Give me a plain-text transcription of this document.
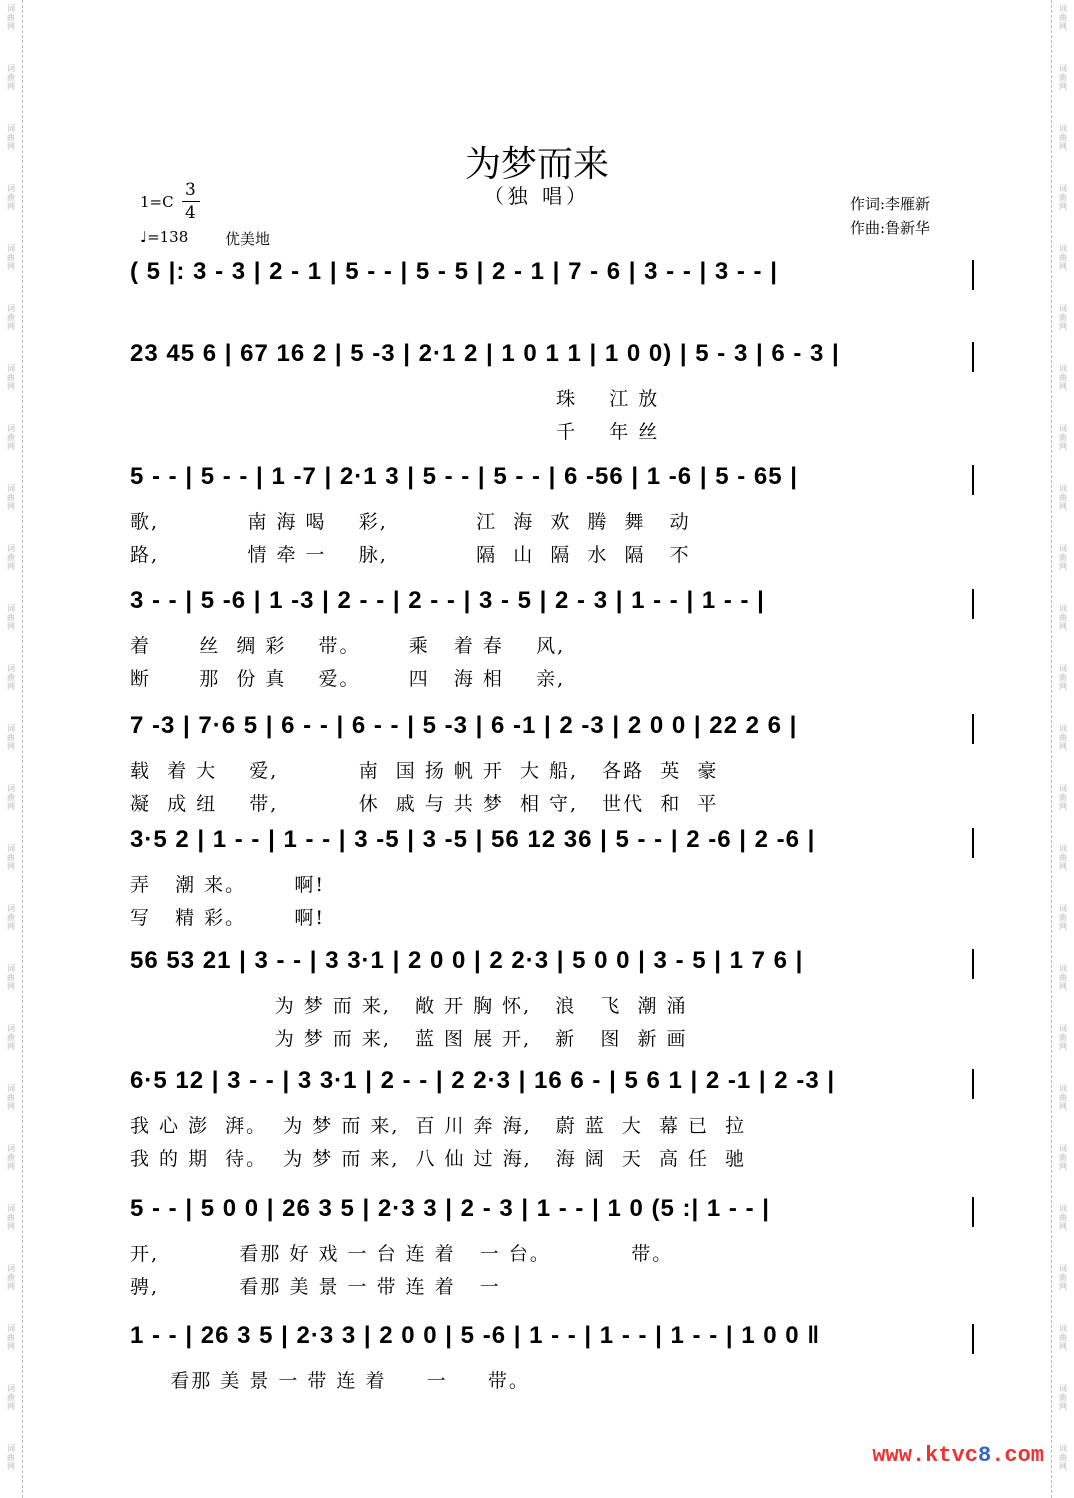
词
曲
网
词
曲
网
词
曲
网
词
曲
网
词
曲
网
词
曲
网
词
曲
网
词
曲
网
词
曲
网
词
曲
网
词
曲
网
词
曲
网
词
曲
网
词
曲
网
词
曲
网
词
曲
网
词
曲
网
词
曲
网
词
曲
网
词
曲
网
词
曲
网
词
曲
网
词
曲
网
词
曲
网
词
曲
网
词
曲
网
词
曲
网
词
曲
网
词
曲
网
词
曲
网
词
曲
网
词
曲
网
词
曲
网
词
曲
网
词
曲
网
词
曲
网
词
曲
网
词
曲
网
词
曲
网
词
曲
网
词
曲
网
词
曲
网
词
曲
网
词
曲
网
词
曲
网
词
曲
网
词
曲
网
词
曲
网
词
曲
网
词
曲
网
为梦而来
（独 唱）
1=C
3
4
♩=138 优美地
作词:李雁新
作曲:鲁新华
( 5 |: 3 - 3 | 2 - 1 | 5 - - | 5 - 5 | 2 - 1 | 7 - 6 | 3 - - | 3 - - |
23 45 6 | 67 16 2 | 5 -3 | 2·1 2 | 1 0 1 1 | 1 0 0) | 5 - 3 | 6 - 3 |
珠    江 放
千    年 丝
5 - - | 5 - - | 1 -7 | 2·1 3 | 5 - - | 5 - - | 6 -56 | 1 -6 | 5 - 65 |
歌,           南 海 喝    彩,           江  海  欢  腾  舞   动
路,           情 牵 一    脉,           隔  山  隔  水  隔   不
3 - - | 5 -6 | 1 -3 | 2 - - | 2 - - | 3 - 5 | 2 - 3 | 1 - - | 1 - - |
着      丝  绸 彩    带。      乘   着 春    风,
断      那  份 真    爱。      四   海 相    亲,
7 -3 | 7·6 5 | 6 - - | 6 - - | 5 -3 | 6 -1 | 2 -3 | 2 0 0 | 22 2 6 |
载  着 大    爱,          南  国 扬 帆 开  大 船,   各路  英  豪
凝  成 纽    带,          休  戚 与 共 梦  相 守,   世代  和  平
3·5 2 | 1 - - | 1 - - | 3 -5 | 3 -5 | 56 12 36 | 5 - - | 2 -6 | 2 -6 |
弄   潮 来。      啊!
写   精 彩。      啊!
56 53 21 | 3 - - | 3 3·1 | 2 0 0 | 2 2·3 | 5 0 0 | 3 - 5 | 1 7 6 |
为 梦 而 来,   敞 开 胸 怀,   浪   飞  潮 涌
为 梦 而 来,   蓝 图 展 开,   新   图  新 画
6·5 12 | 3 - - | 3 3·1 | 2 - - | 2 2·3 | 16 6 - | 5 6 1 | 2 -1 | 2 -3 |
我 心 澎  湃。  为 梦 而 来,  百 川 奔 海,   蔚 蓝  大  幕 已  拉
我 的 期  待。  为 梦 而 来,  八 仙 过 海,   海 阔  天  高 任  驰
5 - - | 5 0 0 | 26 3 5 | 2·3 3 | 2 - 3 | 1 - - | 1 0 (5 :| 1 - - |
开,          看那 好 戏 一 台 连 着   一 台。          带。
骋,          看那 美 景 一 带 连 着   一
1 - - | 26 3 5 | 2·3 3 | 2 0 0 | 5 -6 | 1 - - | 1 - - | 1 - - | 1 0 0 ‖
看那 美 景 一 带 连 着     一     带。
www.ktvc8.com
